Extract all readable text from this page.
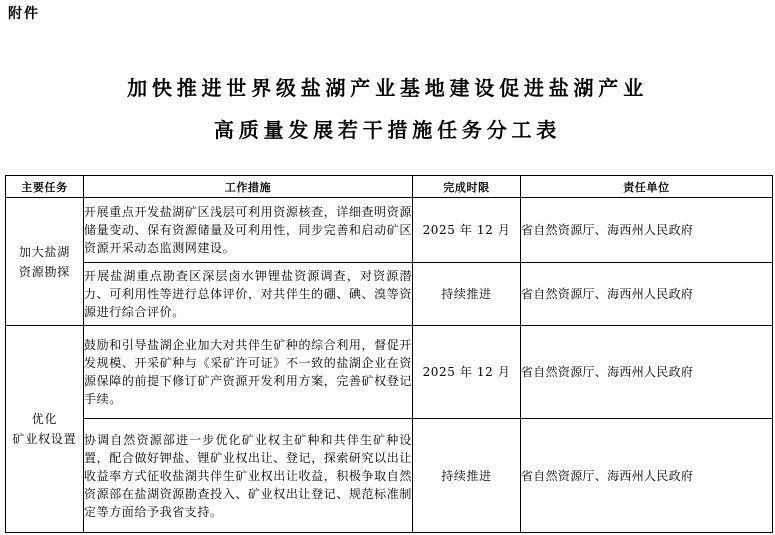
附件
加快推进世界级盐湖产业基地建设促进盐湖产业
高质量发展若干措施任务分工表
主要任务	工作措施	完成时限	责任单位

加大盐湖
资源勘探	开展重点开发盐湖矿区浅层可利用资源核查，详细查明资源储量变动、保有资源储量及可利用性，同步完善和启动矿区资源开采动态监测网建设。	2025 年 12 月	省自然资源厅、海西州人民政府
	开展盐湖重点勘查区深层卤水钾锂盐资源调查，对资源潜力、可利用性等进行总体评价，对共伴生的硼、碘、溴等资源进行综合评价。	持续推进	省自然资源厅、海西州人民政府

优化
矿业权设置	鼓励和引导盐湖企业加大对共伴生矿种的综合利用，督促开发规模、开采矿种与《采矿许可证》不一致的盐湖企业在资源保障的前提下修订矿产资源开发利用方案，完善矿权登记手续。	2025 年 12 月	省自然资源厅、海西州人民政府
	协调自然资源部进一步优化矿业权主矿种和共伴生矿种设置，配合做好钾盐、锂矿业权出让、登记，探索研究以出让收益率方式征收盐湖共伴生矿业权出让收益，积极争取自然资源部在盐湖资源勘查投入、矿业权出让登记、规范标准制定等方面给予我省支持。	持续推进	省自然资源厅、海西州人民政府
